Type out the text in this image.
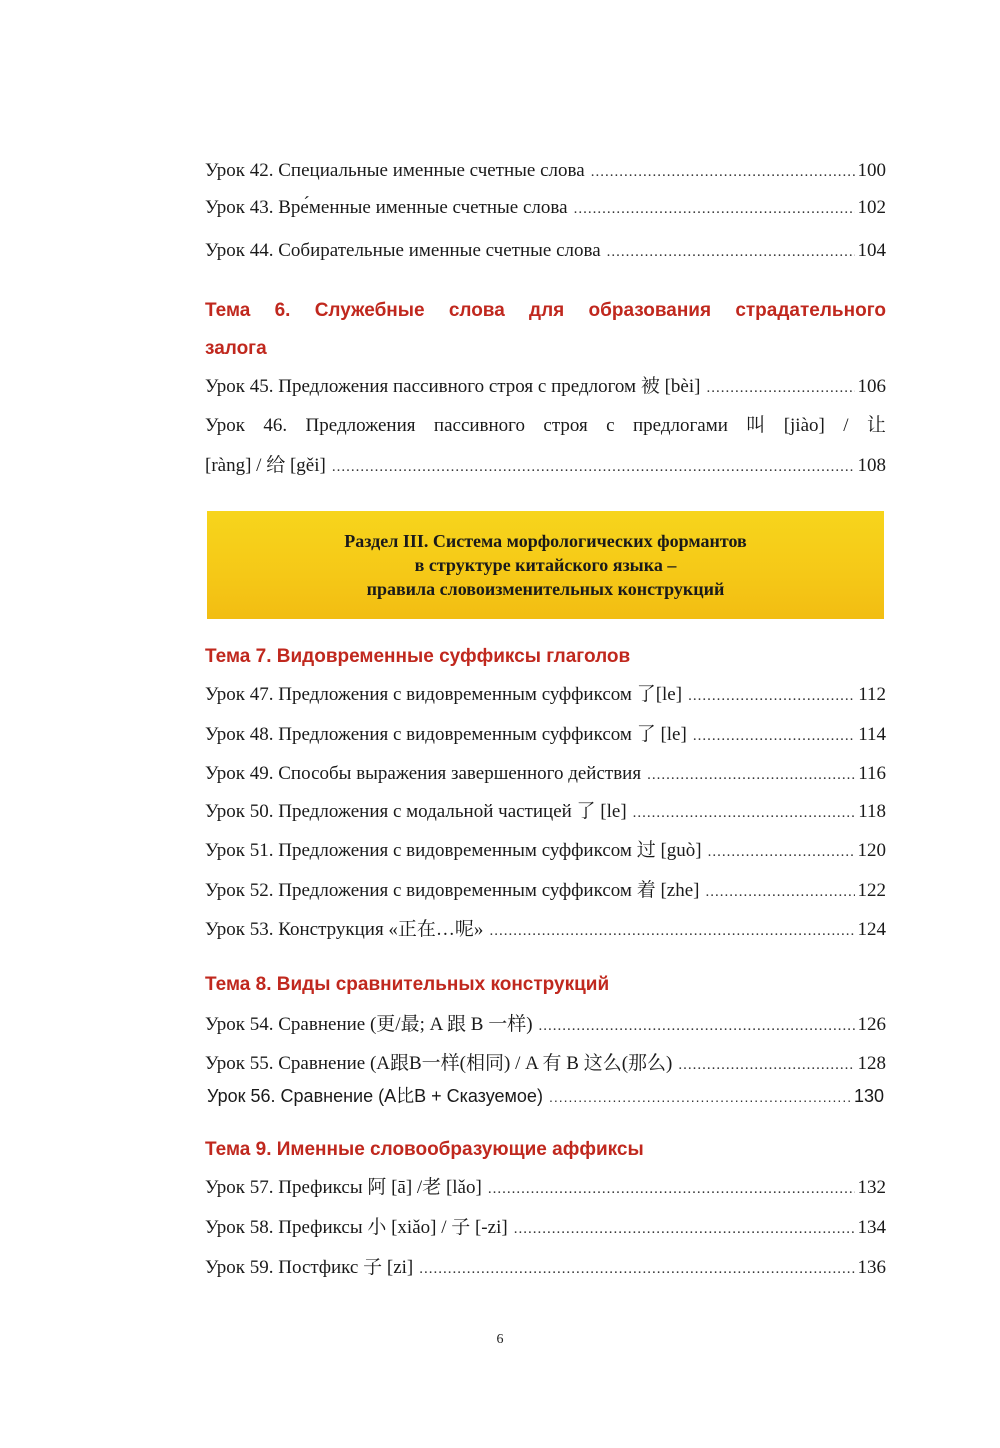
Урок 42. Специальные именные счетные слова .....	100
Урок 43. Вре́менные именные счетные слова .....	102
Урок 44. Собирательные именные счетные слова .....	104
Тема 6. Служебные слова для образования страдательного
залога
Урок 45. Предложения пассивного строя с предлогом 被 [bèi] .....	106
Урок 46. Предложения пассивного строя с предлогами 叫 [jiào] / 让
[ràng] / 给 [gěi] .....	108
Раздел III. Система морфологических формантов
в структуре китайского языка –
правила словоизменительных конструкций
Тема 7. Видовременные суффиксы глаголов
Урок 47. Предложения с видовременным суффиксом 了[le] .....	112
Урок 48. Предложения с видовременным суффиксом 了 [le] .....	114
Урок 49. Способы выражения завершенного действия .....	116
Урок 50. Предложения с модальной частицей 了 [le] .....	118
Урок 51. Предложения с видовременным суффиксом 过 [guò] .....	120
Урок 52. Предложения с видовременным суффиксом 着 [zhe] .....	122
Урок 53. Конструкция «正在…呢» .....	124
Тема 8. Виды сравнительных конструкций
Урок 54. Сравнение (更/最; A 跟 B 一样) .....	126
Урок 55. Сравнение (A跟B一样(相同) / A 有 B 这么(那么) .....	128
Урок 56. Сравнение (A比B + Сказуемое) .....	130
Тема 9. Именные словообразующие аффиксы
Урок 57. Префиксы 阿 [ā] /老 [lǎo] .....	132
Урок 58. Префиксы 小 [xiǎo] / 子 [-zi] .....	134
Урок 59. Постфикс 子 [zi] .....	136
6
